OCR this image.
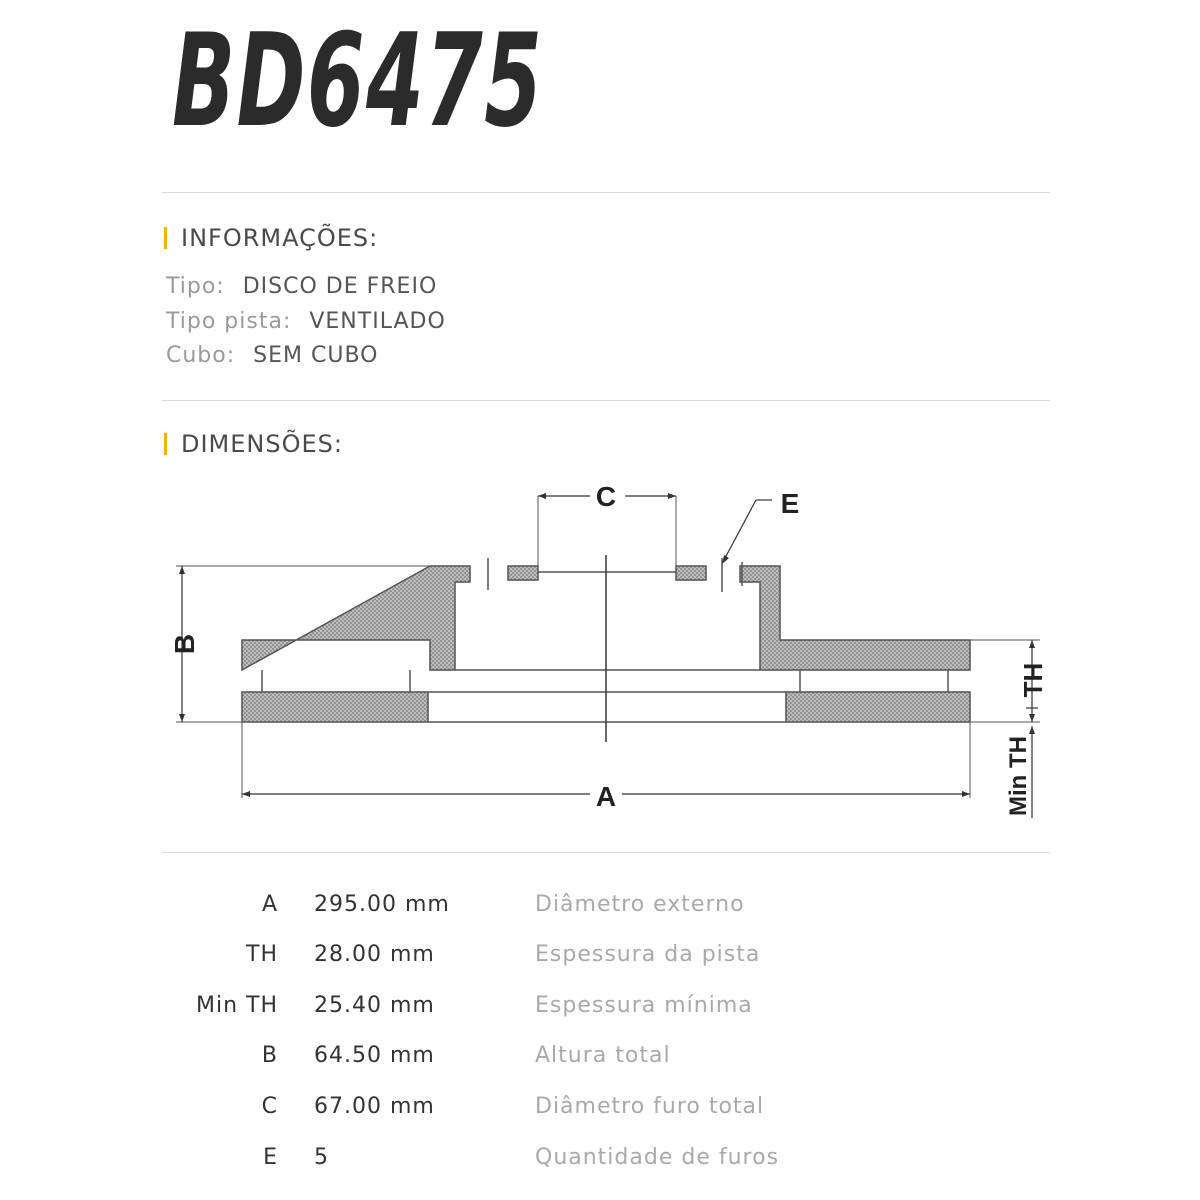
BD6475
INFORMAÇÕES:
Tipo: DISCO DE FREIO
Tipo pista: VENTILADO
Cubo: SEM CUBO
DIMENSÕES:
C	E
B
A
TH
Min TH
A 295.00 mm	Diâmetro externo
TH 28.00 mm	Espessura da pista
Min TH 25.40 mm	Espessura mínima
B 64.50 mm	Altura total
C 67.00 mm	Diâmetro furo total
E 5	Quantidade de furos
